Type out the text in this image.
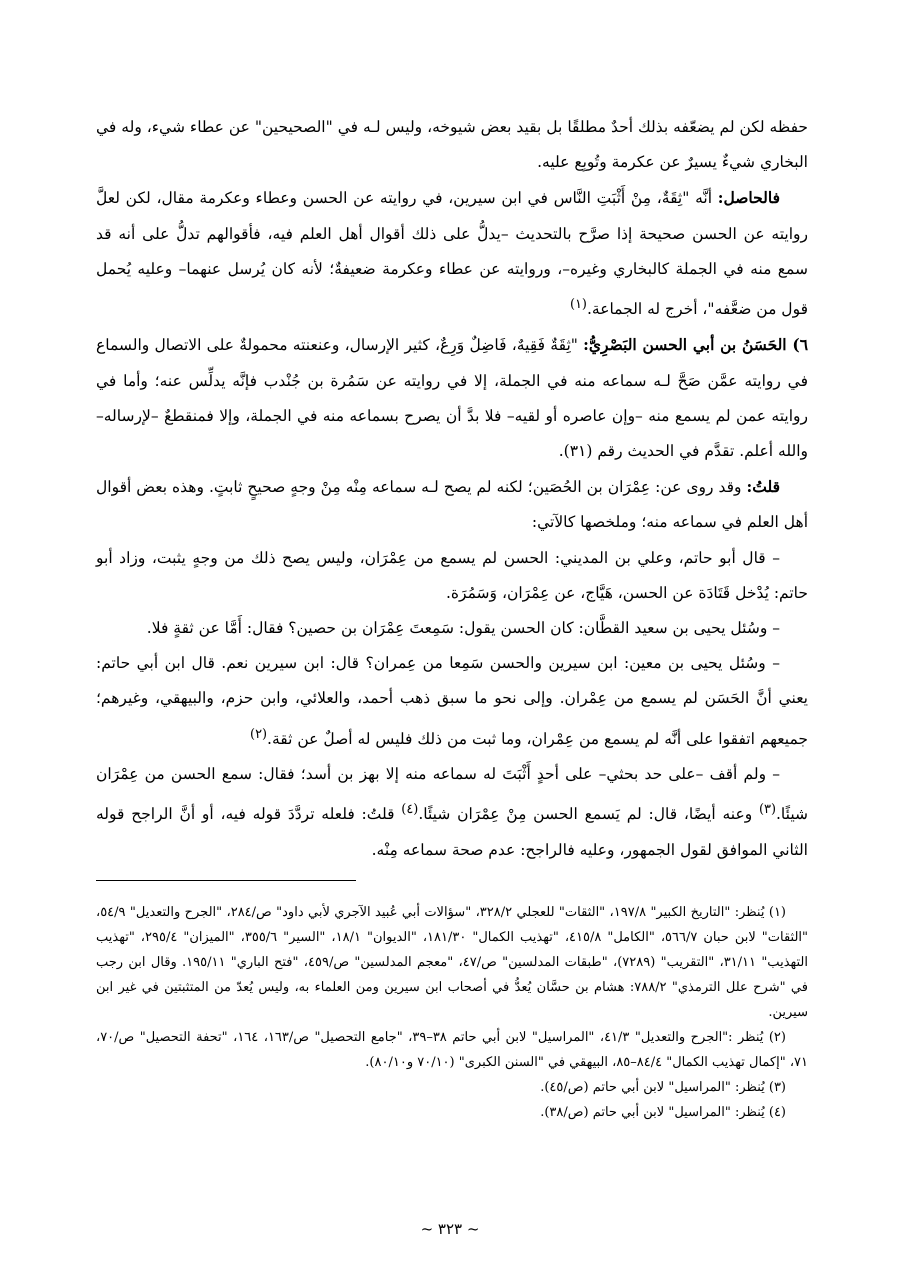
حفظه لكن لم يضعّفه بذلك أحدٌ مطلقًا بل بقيد بعض شيوخه، وليس لـه في "الصحيحين" عن عطاء شيء، وله في البخاري شيءٌ يسيرٌ عن عكرمة وتُوبِع عليه.

فالحاصل: أنَّه "ثِقَةٌ، مِنْ أَثْبَتِ النَّاس في ابن سيرين، في روايته عن الحسن وعطاء وعكرمة مقال، لكن لعلَّ روايته عن الحسن صحيحة إذا صرَّح بالتحديث –يدلُّ على ذلك أقوال أهل العلم فيه، فأقوالهم تدلُّ على أنه قد سمع منه في الجملة كالبخاري وغيره–، وروايته عن عطاء وعكرمة ضعيفةٌ؛ لأنه كان يُرسل عنهما– وعليه يُحمل قول من ضعَّفه"، أخرج له الجماعة.$^{(١)}$

٦) الحَسَنُ بن أبي الحسن البَصْرِيُّ: "ثِقَةٌ فَقِيهٌ، فَاضِلٌ وَرِعٌ، كثير الإرسال، وعنعنته محمولةٌ على الاتصال والسماع في روايته عمَّن صَحَّ لـه سماعه منه في الجملة، إلا في روايته عن سَمُرة بن جُنْدب فإنَّه يدلِّس عنه؛ وأما في روايته عمن لم يسمع منه –وإن عاصره أو لقيه– فلا بدَّ أن يصرح بسماعه منه في الجملة، وإلا فمنقطعٌ –لإرساله– والله أعلم. تقدَّم في الحديث رقم (٣١).

قلتُ: وقد روى عن: عِمْرَان بن الحُصَين؛ لكنه لم يصح لـه سماعه مِنْه مِنْ وجهٍ صحيحٍ ثابتٍ. وهذه بعض أقوال أهل العلم في سماعه منه؛ وملخصها كالآتي:

– قال أبو حاتم، وعلي بن المديني: الحسن لم يسمع من عِمْرَان، وليس يصح ذلك من وجهٍ يثبت، وزاد أبو حاتم: يُدْخل قَتَادَة عن الحسن، هَيَّاج، عن عِمْرَان، وَسَمُرَة.

– وسُئل يحيى بن سعيد القطَّان: كان الحسن يقول: سَمِعتَ عِمْرَان بن حصين؟ فقال: أَمَّا عن ثقةٍ فلا.

– وسُئل يحيى بن معين: ابن سيرين والحسن سَمِعا من عِمران؟ قال: ابن سيرين نعم. قال ابن أبي حاتم: يعني أنَّ الحَسَن لم يسمع من عِمْران. وإلى نحو ما سبق ذهب أحمد، والعلائي، وابن حزم، والبيهقي، وغيرهم؛ جميعهم اتفقوا على أنَّه لم يسمع من عِمْران، وما ثبت من ذلك فليس له أصلٌ عن ثقة.$^{(٢)}$

– ولم أقف –على حد بحثي– على أحدٍ أَثْبَتَ له سماعه منه إلا بهز بن أسد؛ فقال: سمع الحسن من عِمْرَان شيئًا.$^{(٣)}$ وعنه أيضًا، قال: لم يَسمع الحسن مِنْ عِمْرَان شيئًا.$^{(٤)}$ قلتُ: فلعله تردَّدَ قوله فيه، أو أنَّ الراجح قوله الثاني الموافق لقول الجمهور، وعليه فالراجح: عدم صحة سماعه مِنْه.

(١) يُنظر: "التاريخ الكبير" ١٩٧/٨، "الثقات" للعجلي ٣٢٨/٢، "سؤالات أبي عُبيد الآجري لأبي داود" ص/٢٨٤، "الجرح والتعديل" ٥٤/٩، "الثقات" لابن حبان ٥٦٦/٧، "الكامل" ٤١٥/٨، "تهذيب الكمال" ١٨١/٣٠، "الديوان" ١٨/١، "السير" ٣٥٥/٦، "الميزان" ٢٩٥/٤، "تهذيب التهذيب" ٣١/١١، "التقريب" (٧٢٨٩)، "طبقات المدلسين" ص/٤٧، "معجم المدلسين" ص/٤٥٩، "فتح الباري" ١٩٥/١١. وقال ابن رجب في "شرح علل الترمذي" ٧٨٨/٢: هشام بن حسَّان يُعدُّ في أصحاب ابن سيرين ومن العلماء به، وليس يُعدّ من المتثبتين في غير ابن سيرين.

(٢) يُنظر :"الجرح والتعديل" ٤١/٣، "المراسيل" لابن أبي حاتم ٣٨–٣٩، "جامع التحصيل" ص/١٦٣، ١٦٤، "تحفة التحصيل" ص/٧٠، ٧١، "إكمال تهذيب الكمال" ٨٤/٤–٨٥، البيهقي في "السنن الكبرى" (٧٠/١٠ و٨٠/١٠).

(٣) يُنظر: "المراسيل" لابن أبي حاتم (ص/٤٥).

(٤) يُنظر: "المراسيل" لابن أبي حاتم (ص/٣٨).

~ ٣٢٣ ~
